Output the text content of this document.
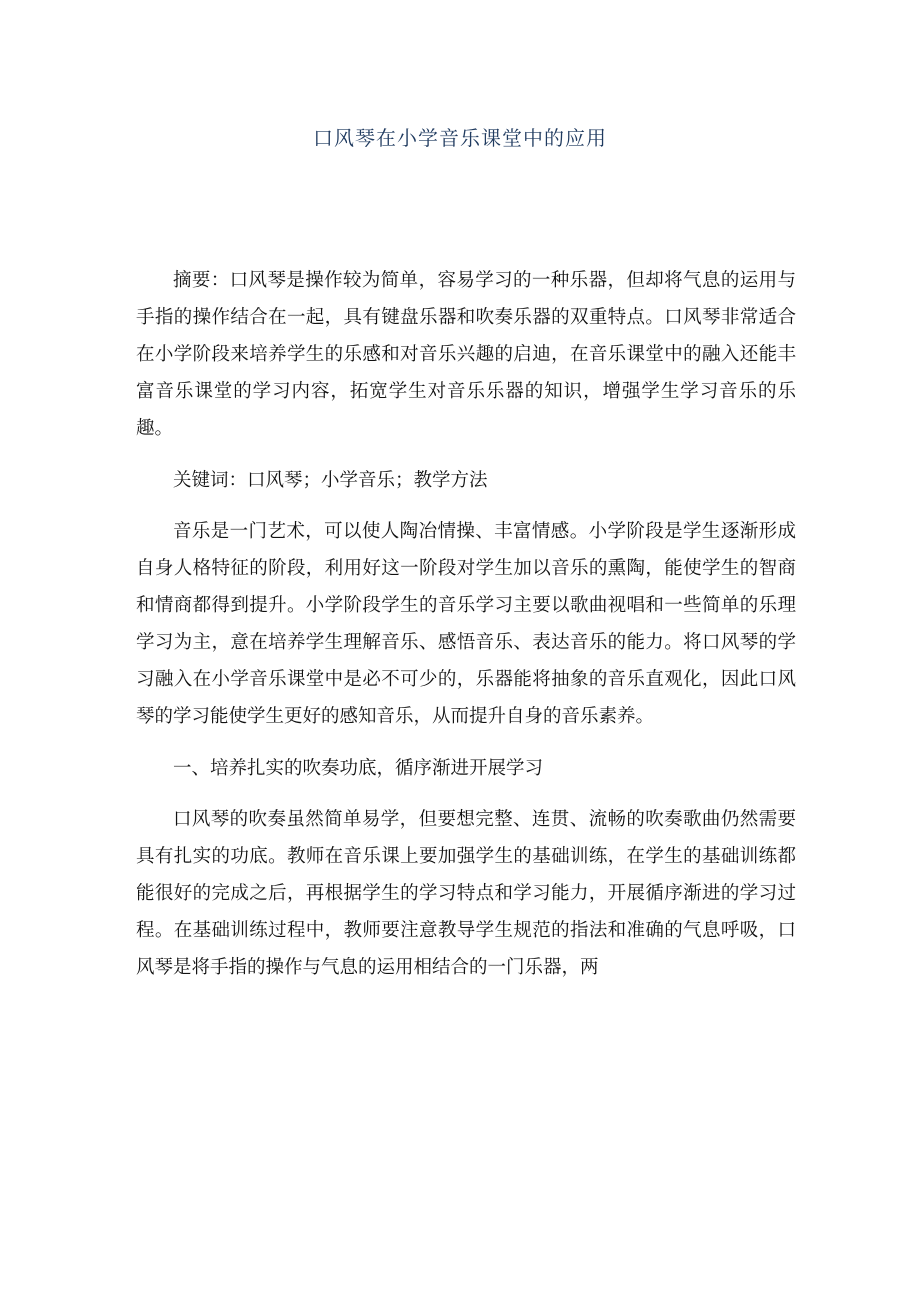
口风琴在小学音乐课堂中的应用

摘要：口风琴是操作较为简单，容易学习的一种乐器，但却将气息的运用与手指的操作结合在一起，具有键盘乐器和吹奏乐器的双重特点。口风琴非常适合在小学阶段来培养学生的乐感和对音乐兴趣的启迪，在音乐课堂中的融入还能丰富音乐课堂的学习内容，拓宽学生对音乐乐器的知识，增强学生学习音乐的乐趣。

关键词：口风琴；小学音乐；教学方法

音乐是一门艺术，可以使人陶冶情操、丰富情感。小学阶段是学生逐渐形成自身人格特征的阶段，利用好这一阶段对学生加以音乐的熏陶，能使学生的智商和情商都得到提升。小学阶段学生的音乐学习主要以歌曲视唱和一些简单的乐理学习为主，意在培养学生理解音乐、感悟音乐、表达音乐的能力。将口风琴的学习融入在小学音乐课堂中是必不可少的，乐器能将抽象的音乐直观化，因此口风琴的学习能使学生更好的感知音乐，从而提升自身的音乐素养。

一、培养扎实的吹奏功底，循序渐进开展学习

口风琴的吹奏虽然简单易学，但要想完整、连贯、流畅的吹奏歌曲仍然需要具有扎实的功底。教师在音乐课上要加强学生的基础训练，在学生的基础训练都能很好的完成之后，再根据学生的学习特点和学习能力，开展循序渐进的学习过程。在基础训练过程中，教师要注意教导学生规范的指法和准确的气息呼吸，口风琴是将手指的操作与气息的运用相结合的一门乐器，两
